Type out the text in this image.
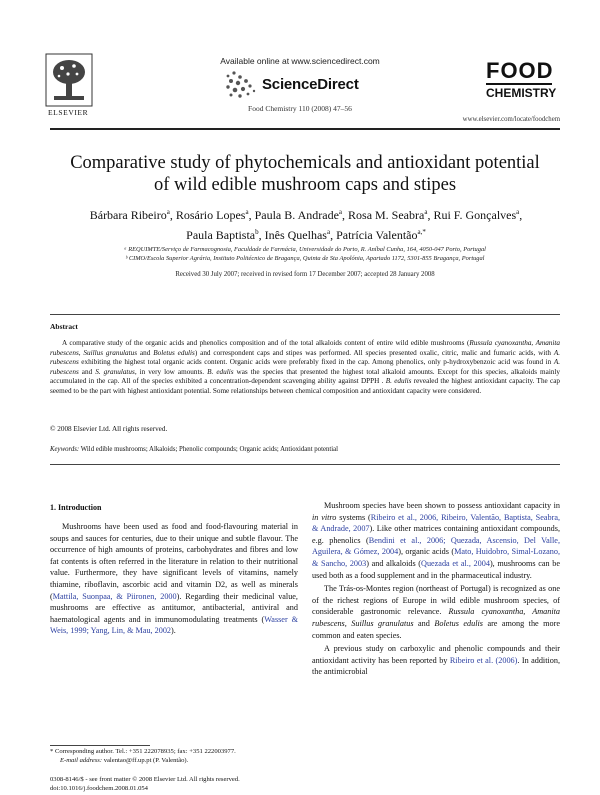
Available online at www.sciencedirect.com
ScienceDirect
Food Chemistry 110 (2008) 47–56
ELSEVIER
FOOD
CHEMISTRY
www.elsevier.com/locate/foodchem
Comparative study of phytochemicals and antioxidant potential
of wild edible mushroom caps and stipes
Bárbara Ribeiro$^a$, Rosário Lopes$^a$, Paula B. Andrade$^a$, Rosa M. Seabra$^a$, Rui F. Gonçalves$^a$,
Paula Baptista$^b$, Inês Quelhas$^a$, Patrícia Valentão$^{a,*}$
ᵃ REQUIMTE/Serviço de Farmacognosia, Faculdade de Farmácia, Universidade do Porto, R. Aníbal Cunha, 164, 4050-047 Porto, Portugal
ᵇ CIMO/Escola Superior Agrária, Instituto Politécnico de Bragança, Quinta de Sta Apolónia, Apartado 1172, 5301-855 Bragança, Portugal
Received 30 July 2007; received in revised form 17 December 2007; accepted 28 January 2008
Abstract
A comparative study of the organic acids and phenolics composition and of the total alkaloids content of entire wild edible mushrooms (Russula cyanoxantha, Amanita rubescens, Suillus granulatus and Boletus edulis) and correspondent caps and stipes was performed. All species presented oxalic, citric, malic and fumaric acids, with A. rubescens exhibiting the highest total organic acids content. Organic acids were preferably fixed in the cap. Among phenolics, only p-hydroxybenzoic acid was found in A. rubescens and S. granulatus, in very low amounts. B. edulis was the species that presented the highest total alkaloid amounts. Except for this species, alkaloids mainly accumulated in the cap. All of the species exhibited a concentration-dependent scavenging ability against DPPH . B. edulis revealed the highest antioxidant capacity. The cap seemed to be the part with highest antioxidant potential. Some relationships between chemical composition and antioxidant capacity were considered.
© 2008 Elsevier Ltd. All rights reserved.
Keywords: Wild edible mushrooms; Alkaloids; Phenolic compounds; Organic acids; Antioxidant potential
1. Introduction

Mushrooms have been used as food and food-flavouring material in soups and sauces for centuries, due to their unique and subtle flavour. The occurrence of high amounts of proteins, carbohydrates and fibres and low fat contents is often referred in the literature in relation to their nutritional value. Furthermore, they have significant levels of vitamins, namely thiamine, riboflavin, ascorbic acid and vitamin D2, as well as minerals (Mattila, Suonpaa, & Piironen, 2000). Regarding their medicinal value, mushrooms are effective as antitumor, antibacterial, antiviral and haematological agents and in immunomodulating treatments (Wasser & Weis, 1999; Yang, Lin, & Mau, 2002).

Mushroom species have been shown to possess antioxidant capacity in in vitro systems (Ribeiro et al., 2006, Ribeiro, Valentão, Baptista, Seabra, & Andrade, 2007). Like other matrices containing antioxidant compounds, e.g. phenolics (Bendini et al., 2006; Quezada, Ascensio, Del Valle, Aguilera, & Gómez, 2004), organic acids (Mato, Huidobro, Simal-Lozano, & Sancho, 2003) and alkaloids (Quezada et al., 2004), mushrooms can be used both as a food supplement and in the pharmaceutical industry.

The Trás-os-Montes region (northeast of Portugal) is recognized as one of the richest regions of Europe in wild edible mushroom species, of considerable gastronomic relevance. Russula cyanoxantha, Amanita rubescens, Suillus granulatus and Boletus edulis are among the more common and eaten species.

A previous study on carboxylic and phenolic compounds and their antioxidant activity has been reported by Ribeiro et al. (2006). In addition, the antimicrobial

* Corresponding author. Tel.: +351 222078935; fax: +351 222003977.
E-mail address: valentao@ff.up.pt (P. Valentão).
0308-8146/$ - see front matter © 2008 Elsevier Ltd. All rights reserved.
doi:10.1016/j.foodchem.2008.01.054
